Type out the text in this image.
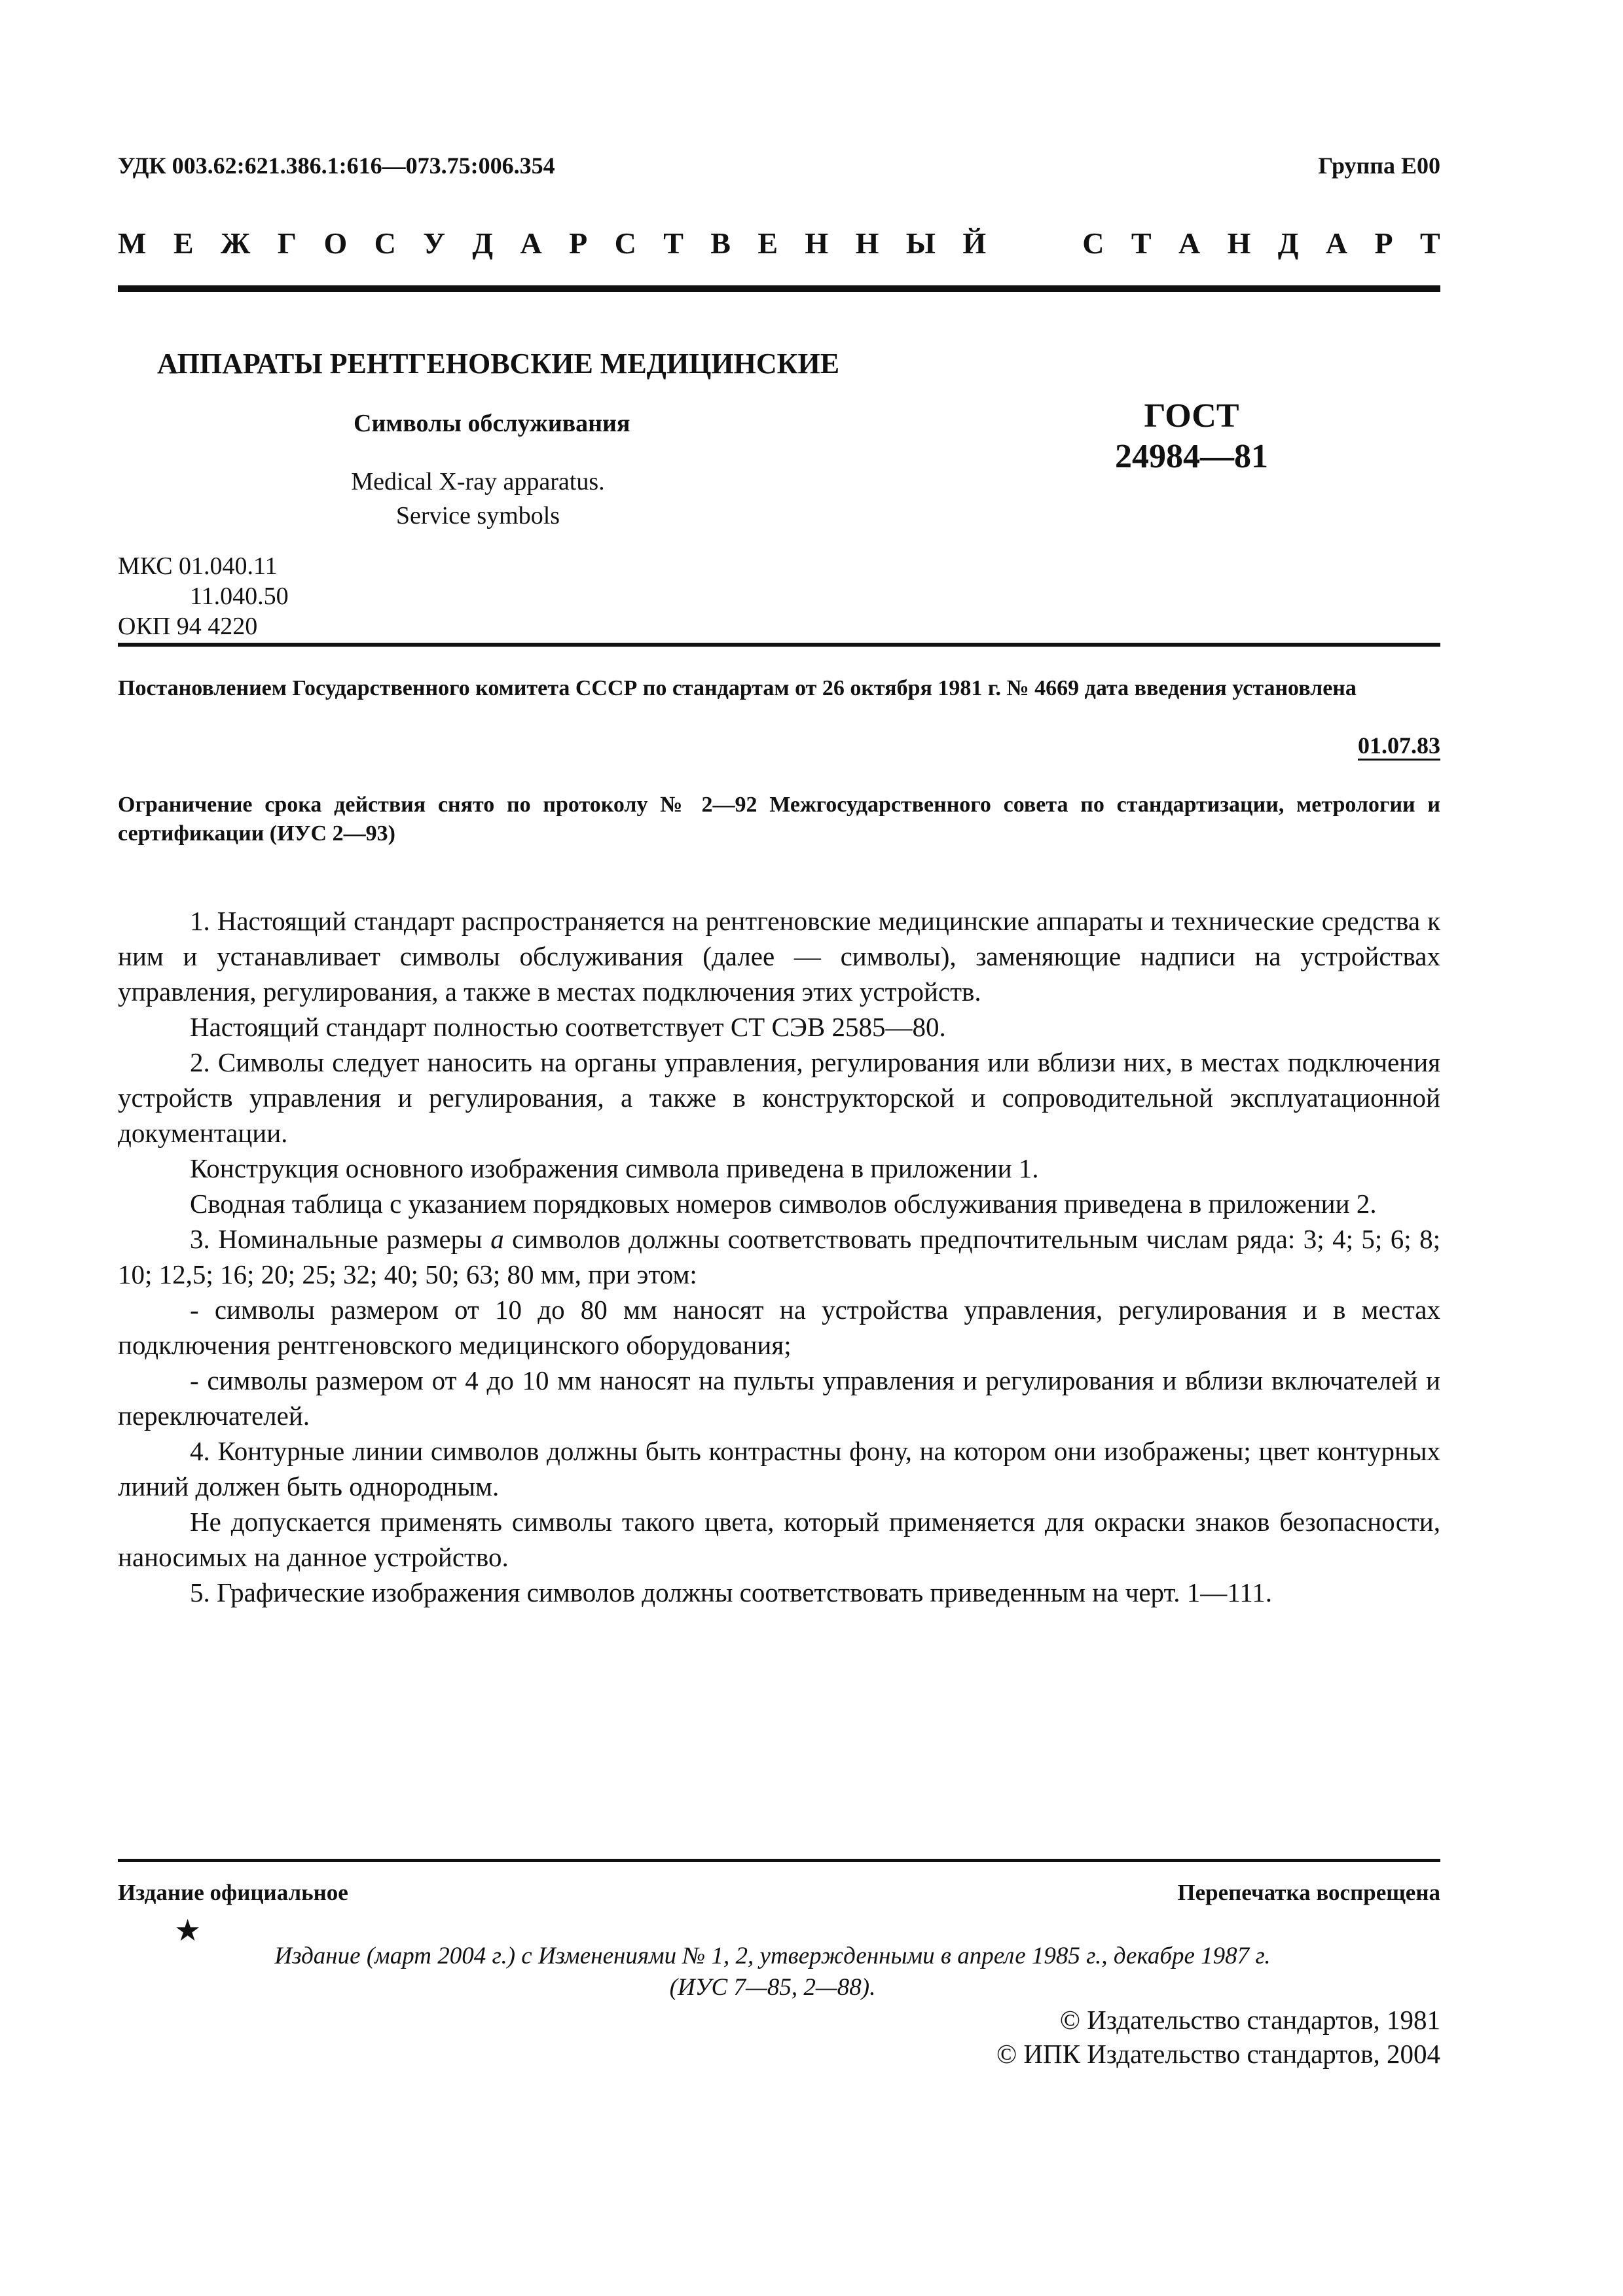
УДК 003.62:621.386.1:616—073.75:006.354	Группа Е00
М Е Ж Г О С У Д А Р С Т В Е Н Н Ы Й

	С Т А Н Д А Р Т
АППАРАТЫ РЕНТГЕНОВСКИЕ МЕДИЦИНСКИЕ
Символы обслуживания
Medical X-ray apparatus.
Service symbols
ГОСТ
24984—81
МКС 01.040.11
11.040.50
ОКП 94 4220
Постановлением Государственного комитета СССР по стандартам от 26 октября 1981 г. № 4669 дата введения установлена
01.07.83
Ограничение срока действия снято по протоколу № 2—92 Межгосударственного совета по стандартизации, метрологии и сертификации (ИУС 2—93)

1. Настоящий стандарт распространяется на рентгеновские медицинские аппараты и технические средства к ним и устанавливает символы обслуживания (далее — символы), заменяющие надписи на устройствах управления, регулирования, а также в местах подключения этих устройств.

Настоящий стандарт полностью соответствует СТ СЭВ 2585—80.

2. Символы следует наносить на органы управления, регулирования или вблизи них, в местах подключения устройств управления и регулирования, а также в конструкторской и сопроводительной эксплуатационной документации.

Конструкция основного изображения символа приведена в приложении 1.

Сводная таблица с указанием порядковых номеров символов обслуживания приведена в приложении 2.

3. Номинальные размеры а символов должны соответствовать предпочтительным числам ряда: 3; 4; 5; 6; 8; 10; 12,5; 16; 20; 25; 32; 40; 50; 63; 80 мм, при этом:

- символы размером от 10 до 80 мм наносят на устройства управления, регулирования и в местах подключения рентгеновского медицинского оборудования;

- символы размером от 4 до 10 мм наносят на пульты управления и регулирования и вблизи включателей и переключателей.

4. Контурные линии символов должны быть контрастны фону, на котором они изображены; цвет контурных линий должен быть однородным.

Не допускается применять символы такого цвета, который применяется для окраски знаков безопасности, наносимых на данное устройство.

5. Графические изображения символов должны соответствовать приведенным на черт. 1—111.

Издание официальное	Перепечатка воспрещена
★
Издание (март 2004 г.) с Изменениями № 1, 2, утвержденными в апреле 1985 г., декабре 1987 г.
(ИУС 7—85, 2—88).
© Издательство стандартов, 1981
© ИПК Издательство стандартов, 2004
